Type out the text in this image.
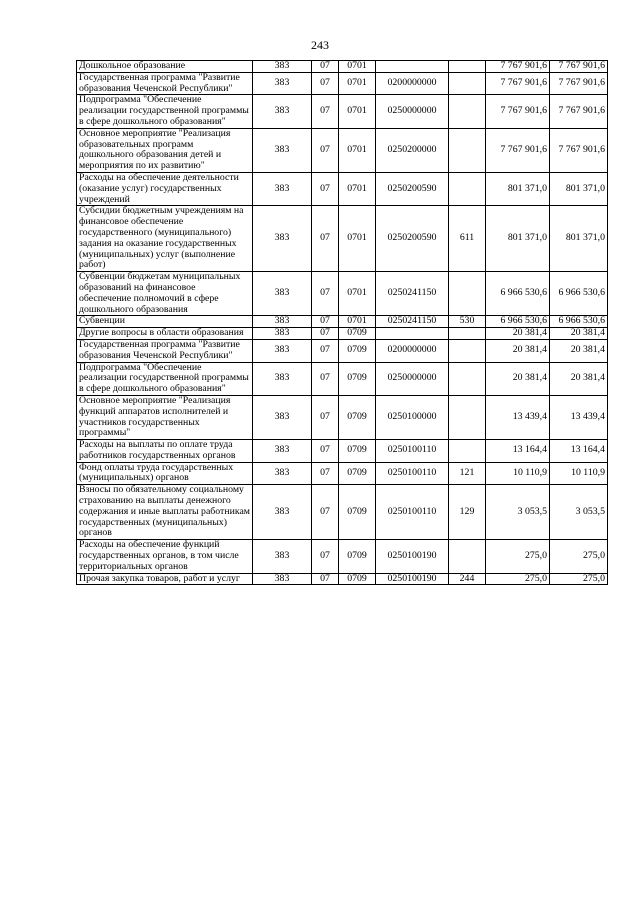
243
Дошкольное образование	383	07	0701			7 767 901,6	7 767 901,6
Государственная программа "Развитие образования Чеченской Республики"	383	07	0701	0200000000		7 767 901,6	7 767 901,6
Подпрограмма "Обеспечение реализации государственной программы в сфере дошкольного образования"	383	07	0701	0250000000		7 767 901,6	7 767 901,6
Основное мероприятие "Реализация образовательных программ дошкольного образования детей и мероприятия по их развитию"	383	07	0701	0250200000		7 767 901,6	7 767 901,6
Расходы на обеспечение деятельности (оказание услуг) государственных учреждений	383	07	0701	0250200590		801 371,0	801 371,0
Субсидии бюджетным учреждениям на финансовое обеспечение государственного (муниципального) задания на оказание государственных (муниципальных) услуг (выполнение работ)	383	07	0701	0250200590	611	801 371,0	801 371,0
Субвенции бюджетам муниципальных образований на финансовое обеспечение полномочий в сфере дошкольного образования	383	07	0701	0250241150		6 966 530,6	6 966 530,6
Субвенции	383	07	0701	0250241150	530	6 966 530,6	6 966 530,6
Другие вопросы в области образования	383	07	0709			20 381,4	20 381,4
Государственная программа "Развитие образования Чеченской Республики"	383	07	0709	0200000000		20 381,4	20 381,4
Подпрограмма "Обеспечение реализации государственной программы в сфере дошкольного образования"	383	07	0709	0250000000		20 381,4	20 381,4
Основное мероприятие "Реализация функций аппаратов исполнителей и участников государственных программы"	383	07	0709	0250100000		13 439,4	13 439,4
Расходы на выплаты по оплате труда работников государственных органов	383	07	0709	0250100110		13 164,4	13 164,4
Фонд оплаты труда государственных (муниципальных) органов	383	07	0709	0250100110	121	10 110,9	10 110,9
Взносы по обязательному социальному страхованию на выплаты денежного содержания и иные выплаты работникам государственных (муниципальных) органов	383	07	0709	0250100110	129	3 053,5	3 053,5
Расходы на обеспечение функций государственных органов, в том числе территориальных органов	383	07	0709	0250100190		275,0	275,0
Прочая закупка товаров, работ и услуг	383	07	0709	0250100190	244	275,0	275,0
